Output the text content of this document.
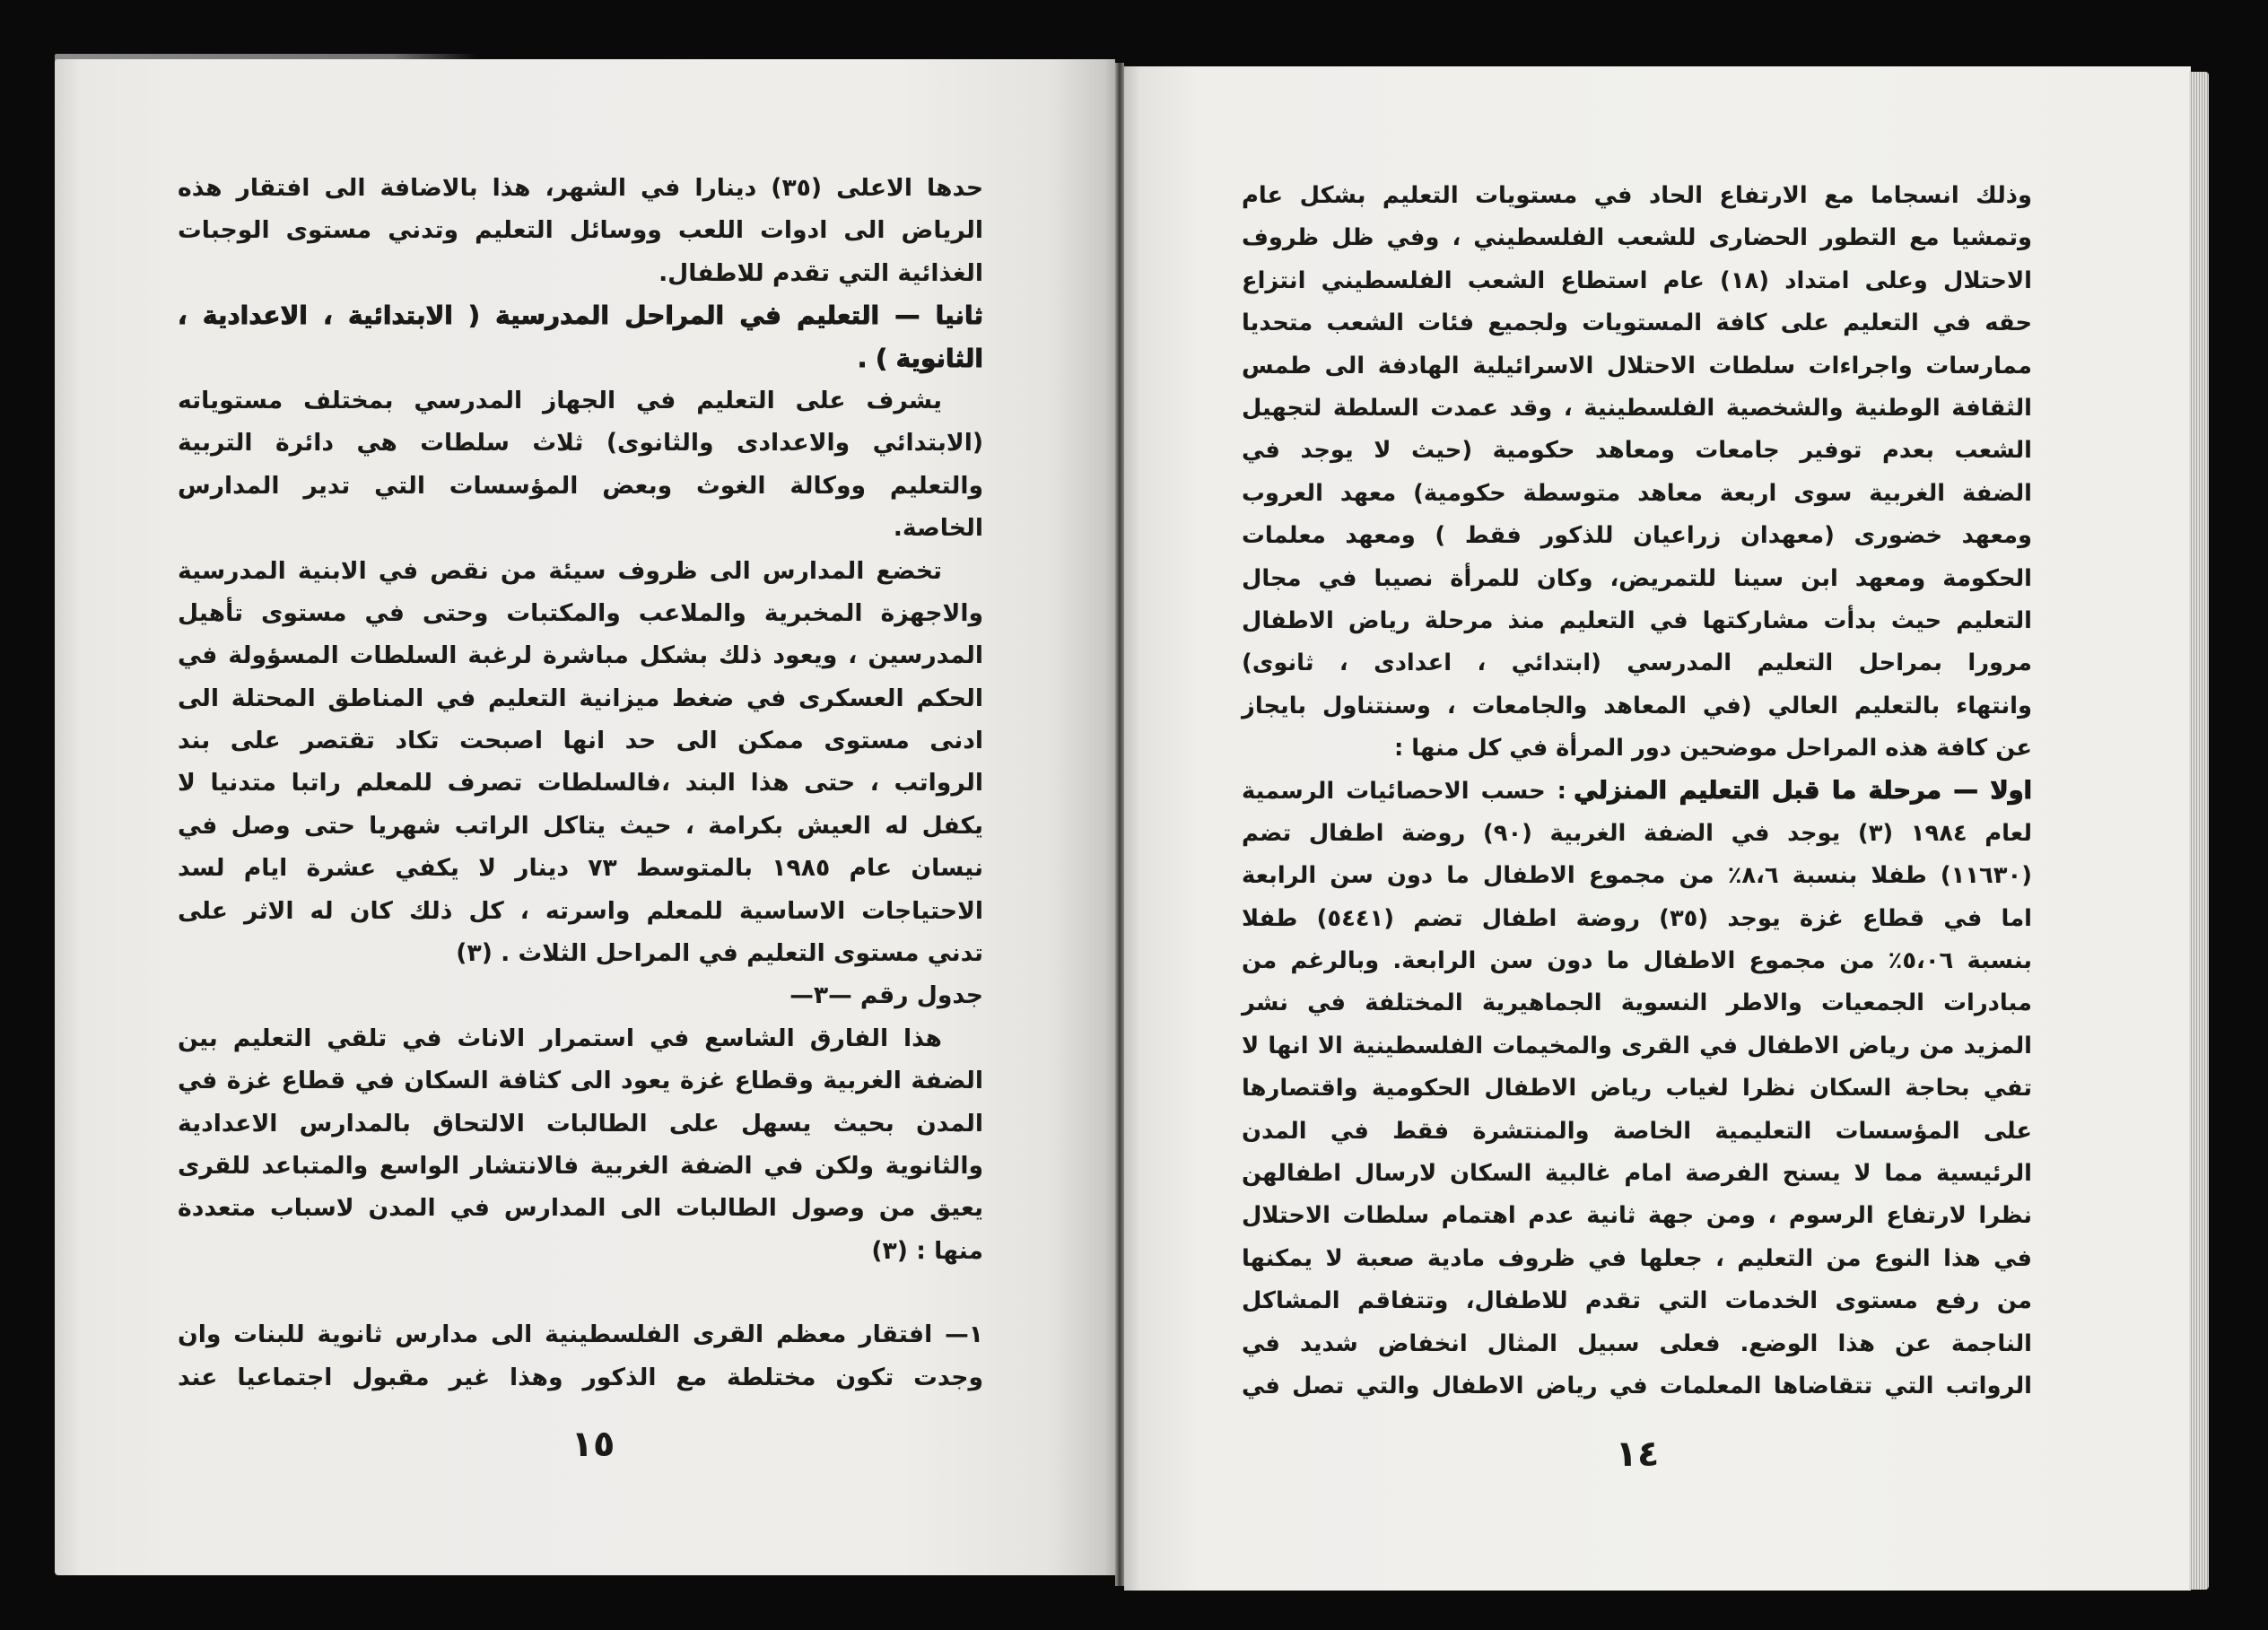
حدها الاعلى (٣٥) دينارا في الشهر، هذا بالاضافة الى افتقار هذه
الرياض الى ادوات اللعب ووسائل التعليم وتدني مستوى الوجبات
الغذائية التي تقدم للاطفال.
ثانيا — التعليم في المراحل المدرسية ( الابتدائية ، الاعدادية ،
الثانوية ) .
يشرف على التعليم في الجهاز المدرسي بمختلف مستوياته
(الابتدائي والاعدادى والثانوى) ثلاث سلطات هي دائرة التربية
والتعليم ووكالة الغوث وبعض المؤسسات التي تدير المدارس
الخاصة.
تخضع المدارس الى ظروف سيئة من نقص في الابنية المدرسية
والاجهزة المخبرية والملاعب والمكتبات وحتى في مستوى تأهيل
المدرسين ، ويعود ذلك بشكل مباشرة لرغبة السلطات المسؤولة في
الحكم العسكرى في ضغط ميزانية التعليم في المناطق المحتلة الى
ادنى مستوى ممكن الى حد انها اصبحت تكاد تقتصر على بند
الرواتب ، حتى هذا البند ،فالسلطات تصرف للمعلم راتبا متدنيا لا
يكفل له العيش بكرامة ، حيث يتاكل الراتب شهريا حتى وصل في
نيسان عام ١٩٨٥ بالمتوسط ٧٣ دينار لا يكفي عشرة ايام لسد
الاحتياجات الاساسية للمعلم واسرته ، كل ذلك كان له الاثر على
تدني مستوى التعليم في المراحل الثلاث . (٣)
جدول رقم —٣—
هذا الفارق الشاسع في استمرار الاناث في تلقي التعليم بين
الضفة الغربية وقطاع غزة يعود الى كثافة السكان في قطاع غزة في
المدن بحيث يسهل على الطالبات الالتحاق بالمدارس الاعدادية
والثانوية ولكن في الضفة الغربية فالانتشار الواسع والمتباعد للقرى
يعيق من وصول الطالبات الى المدارس في المدن لاسباب متعددة
منها : (٣)
١— افتقار معظم القرى الفلسطينية الى مدارس ثانوية للبنات وان
وجدت تكون مختلطة مع الذكور وهذا غير مقبول اجتماعيا عند
١٥
وذلك انسجاما مع الارتفاع الحاد في مستويات التعليم بشكل عام
وتمشيا مع التطور الحضارى للشعب الفلسطيني ، وفي ظل ظروف
الاحتلال وعلى امتداد (١٨) عام استطاع الشعب الفلسطيني انتزاع
حقه في التعليم على كافة المستويات ولجميع فئات الشعب متحديا
ممارسات واجراءات سلطات الاحتلال الاسرائيلية الهادفة الى طمس
الثقافة الوطنية والشخصية الفلسطينية ، وقد عمدت السلطة لتجهيل
الشعب بعدم توفير جامعات ومعاهد حكومية (حيث لا يوجد في
الضفة الغربية سوى اربعة معاهد متوسطة حكومية) معهد العروب
ومعهد خضورى (معهدان زراعيان للذكور فقط ) ومعهد معلمات
الحكومة ومعهد ابن سينا للتمريض، وكان للمرأة نصيبا في مجال
التعليم حيث بدأت مشاركتها في التعليم منذ مرحلة رياض الاطفال
مرورا بمراحل التعليم المدرسي (ابتدائي ، اعدادى ، ثانوى)
وانتهاء بالتعليم العالي (في المعاهد والجامعات ، وسنتناول بايجاز
عن كافة هذه المراحل موضحين دور المرأة في كل منها :
اولا — مرحلة ما قبل التعليم المنزلي: حسب الاحصائيات الرسمية
لعام ١٩٨٤ (٣) يوجد في الضفة الغربية (٩٠) روضة اطفال تضم
(١١٦٣٠) طفلا بنسبة ٨،٦٪ من مجموع الاطفال ما دون سن الرابعة
اما في قطاع غزة يوجد (٣٥) روضة اطفال تضم (٥٤٤١) طفلا
بنسبة ٥،٠٦٪ من مجموع الاطفال ما دون سن الرابعة. وبالرغم من
مبادرات الجمعيات والاطر النسوية الجماهيرية المختلفة في نشر
المزيد من رياض الاطفال في القرى والمخيمات الفلسطينية الا انها لا
تفي بحاجة السكان نظرا لغياب رياض الاطفال الحكومية واقتصارها
على المؤسسات التعليمية الخاصة والمنتشرة فقط في المدن
الرئيسية مما لا يسنح الفرصة امام غالبية السكان لارسال اطفالهن
نظرا لارتفاع الرسوم ، ومن جهة ثانية عدم اهتمام سلطات الاحتلال
في هذا النوع من التعليم ، جعلها في ظروف مادية صعبة لا يمكنها
من رفع مستوى الخدمات التي تقدم للاطفال، وتتفاقم المشاكل
الناجمة عن هذا الوضع. فعلى سبيل المثال انخفاض شديد في
الرواتب التي تتقاضاها المعلمات في رياض الاطفال والتي تصل في
١٤
